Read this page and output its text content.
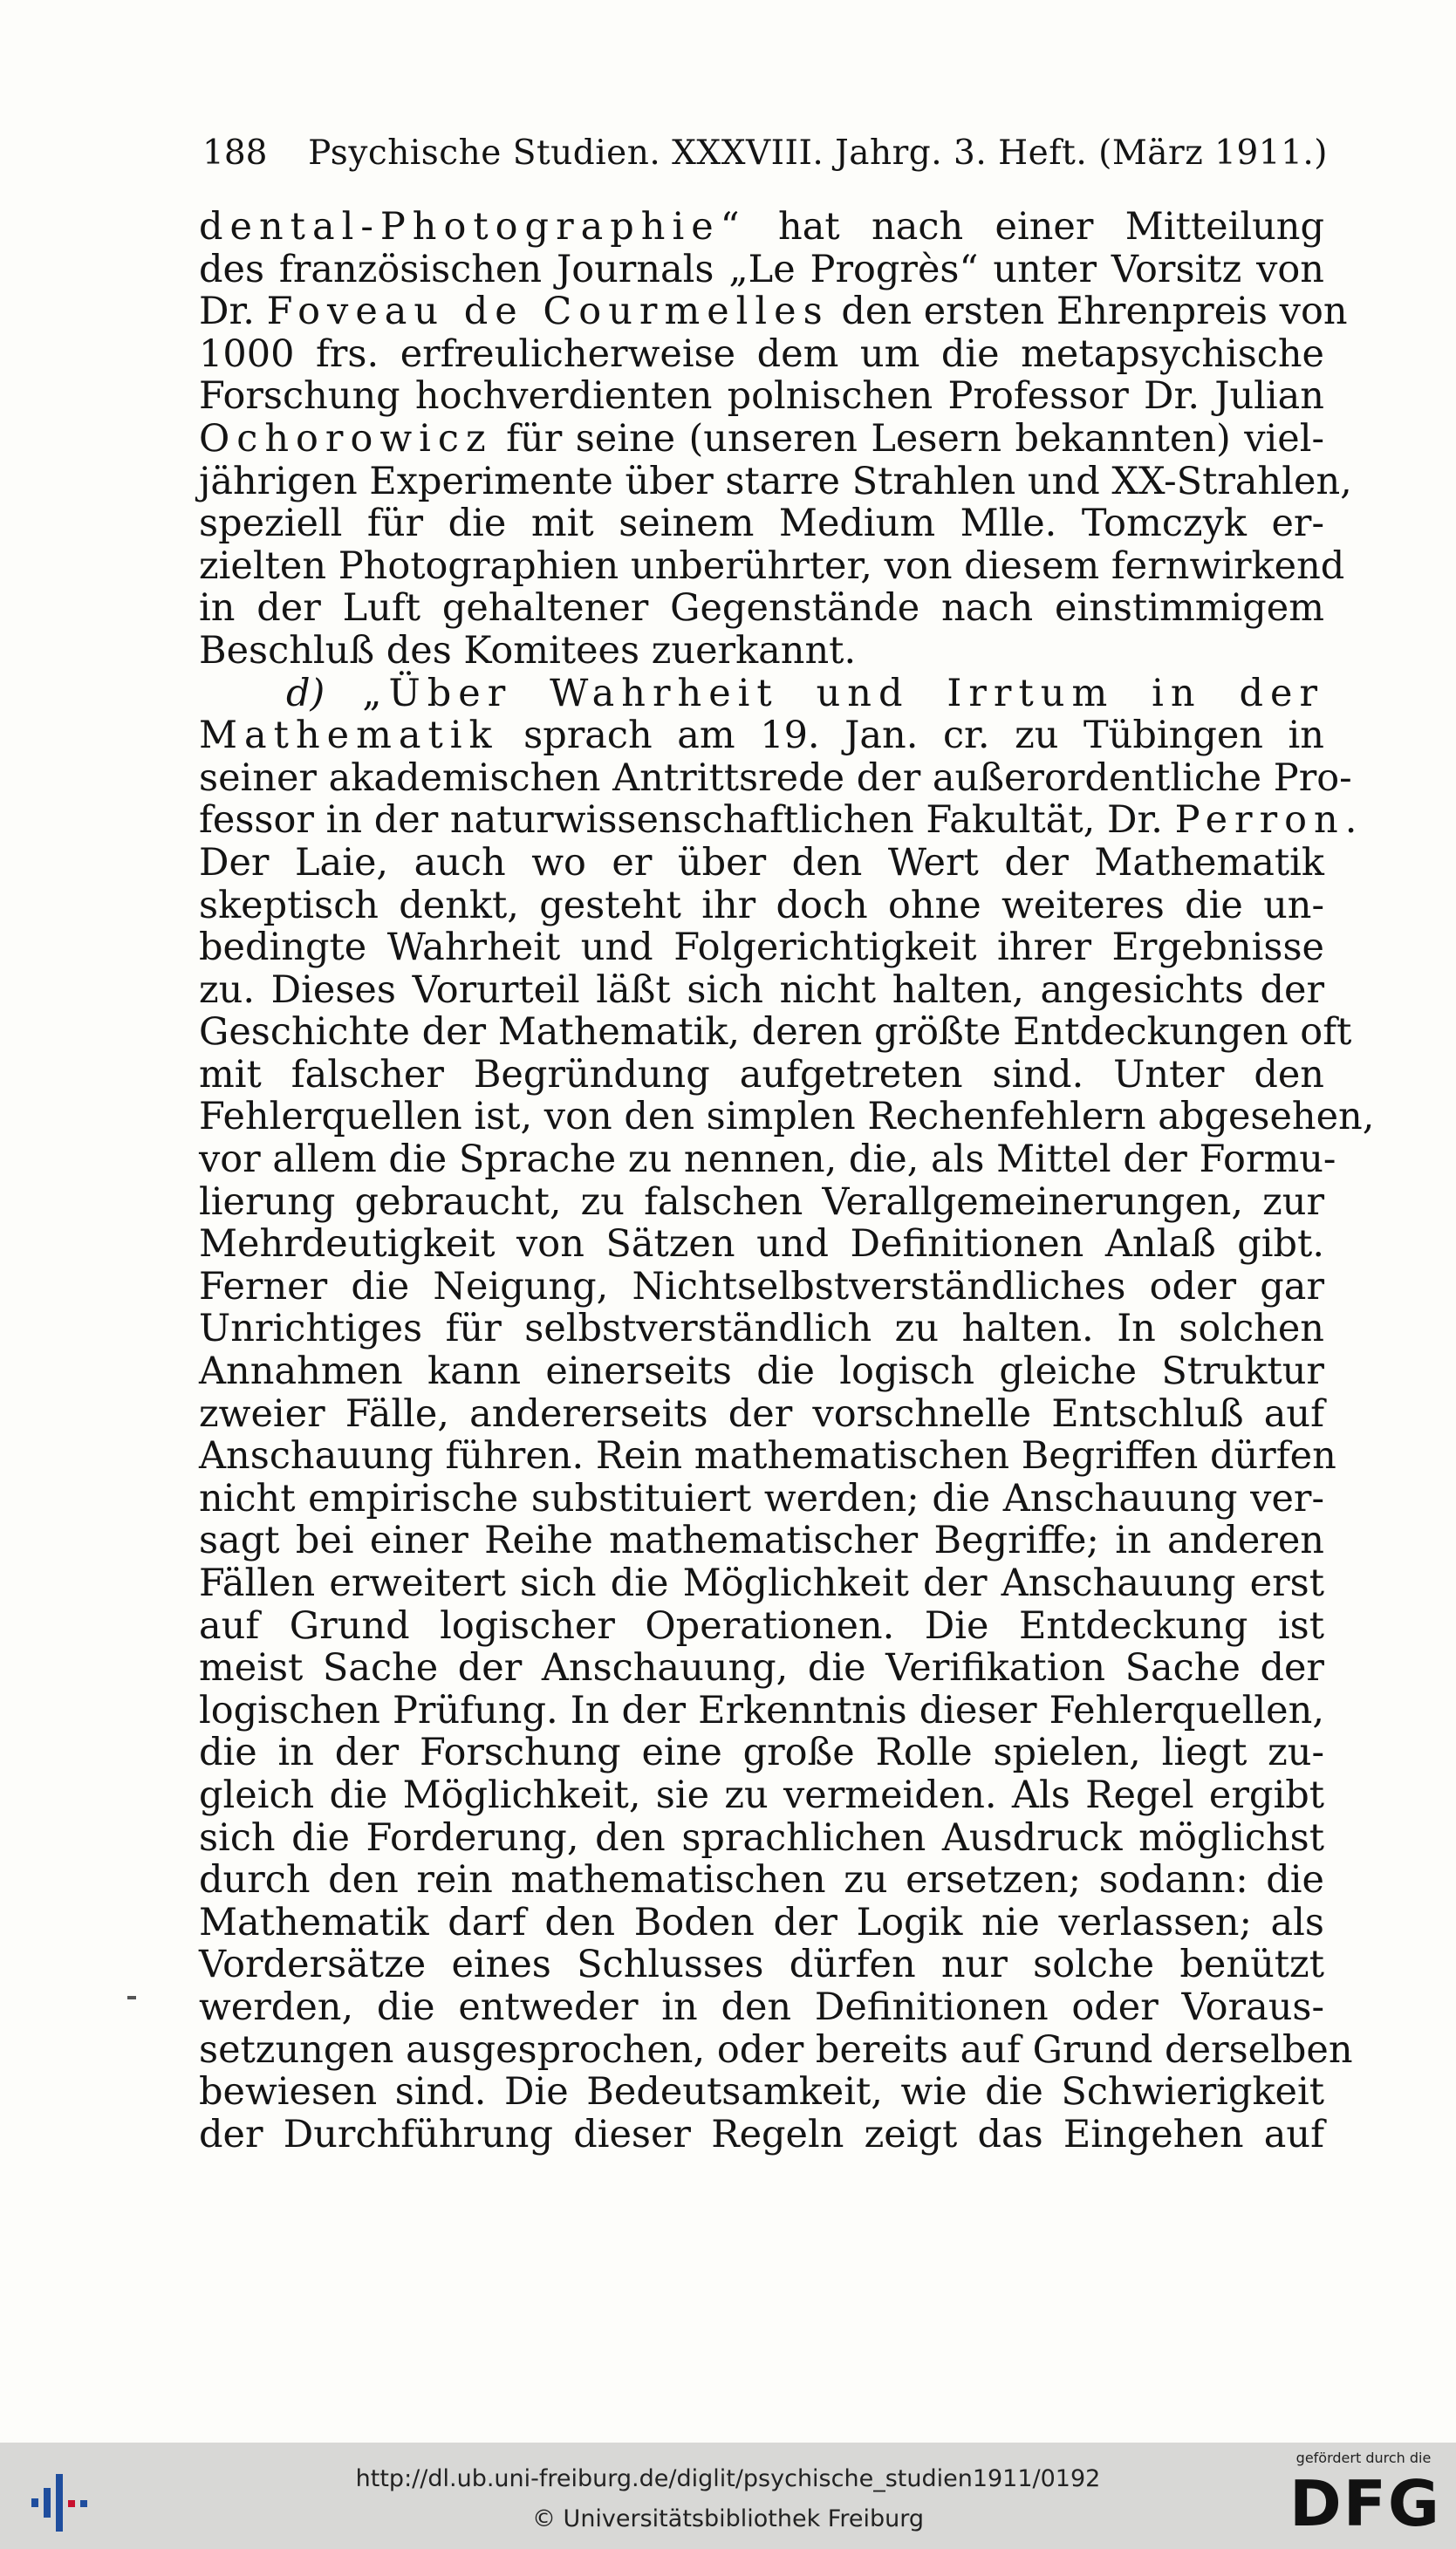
188 Psychische Studien. XXXVIII. Jahrg. 3. Heft. (März 1911.)
dental-Photographie“ hat nach einer Mitteilung
des französischen Journals „Le Progrès“ unter Vorsitz von
Dr. Foveau de Courmelles den ersten Ehrenpreis von
1000 frs. erfreulicherweise dem um die metapsychische
Forschung hochverdienten polnischen Professor Dr. Julian
Ochorowicz für seine (unseren Lesern bekannten) viel-
jährigen Experimente über starre Strahlen und XX-Strahlen,
speziell für die mit seinem Medium Mlle. Tomczyk er-
zielten Photographien unberührter, von diesem fernwirkend
in der Luft gehaltener Gegenstände nach einstimmigem
Beschluß des Komitees zuerkannt.
d) „Über Wahrheit und Irrtum in der
Mathematik sprach am 19. Jan. cr. zu Tübingen in
seiner akademischen Antrittsrede der außerordentliche Pro-
fessor in der naturwissenschaftlichen Fakultät, Dr. Perron.
Der Laie, auch wo er über den Wert der Mathematik
skeptisch denkt, gesteht ihr doch ohne weiteres die un-
bedingte Wahrheit und Folgerichtigkeit ihrer Ergebnisse
zu. Dieses Vorurteil läßt sich nicht halten, angesichts der
Geschichte der Mathematik, deren größte Entdeckungen oft
mit falscher Begründung aufgetreten sind. Unter den
Fehlerquellen ist, von den simplen Rechenfehlern abgesehen,
vor allem die Sprache zu nennen, die, als Mittel der Formu-
lierung gebraucht, zu falschen Verallgemeinerungen, zur
Mehrdeutigkeit von Sätzen und Definitionen Anlaß gibt.
Ferner die Neigung, Nichtselbstverständliches oder gar
Unrichtiges für selbstverständlich zu halten. In solchen
Annahmen kann einerseits die logisch gleiche Struktur
zweier Fälle, andererseits der vorschnelle Entschluß auf
Anschauung führen. Rein mathematischen Begriffen dürfen
nicht empirische substituiert werden; die Anschauung ver-
sagt bei einer Reihe mathematischer Begriffe; in anderen
Fällen erweitert sich die Möglichkeit der Anschauung erst
auf Grund logischer Operationen. Die Entdeckung ist
meist Sache der Anschauung, die Verifikation Sache der
logischen Prüfung. In der Erkenntnis dieser Fehlerquellen,
die in der Forschung eine große Rolle spielen, liegt zu-
gleich die Möglichkeit, sie zu vermeiden. Als Regel ergibt
sich die Forderung, den sprachlichen Ausdruck möglichst
durch den rein mathematischen zu ersetzen; sodann: die
Mathematik darf den Boden der Logik nie verlassen; als
Vordersätze eines Schlusses dürfen nur solche benützt
werden, die entweder in den Definitionen oder Voraus-
setzungen ausgesprochen, oder bereits auf Grund derselben
bewiesen sind. Die Bedeutsamkeit, wie die Schwierigkeit
der Durchführung dieser Regeln zeigt das Eingehen auf
http://dl.ub.uni-freiburg.de/diglit/psychische_studien1911/0192
© Universitätsbibliothek Freiburg
gefördert durch die
DFG
